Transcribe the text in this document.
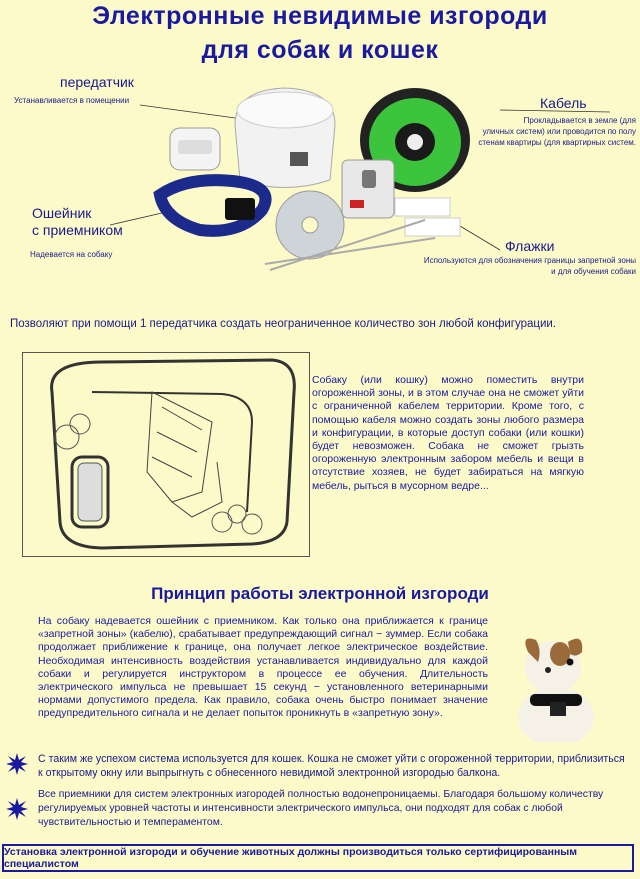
Электронные невидимые изгороди
для собак и кошек
передатчик
Устанавливается в помещении	Кабель
Прокладывается в земле (для
уличных систем) или проводится по полу
стенам квартиры (для квартирных систем.
Ошейник
с приемником
Надевается на собаку
Флажки
Используются для обозначения границы запретной зоны
и для обучения собаки
Позволяют при помощи 1 передатчика создать неограниченное количество зон любой конфигурации.
Собаку (или кошку) можно поместить внутри огороженной зоны, и в этом случае она не сможет уйти с ограниченной кабелем территории. Кроме того, с помощью кабеля можно создать зоны любого размера и конфигурации, в которые доступ собаки (или кошки) будет невозможен. Собака не сможет грызть огороженную электронным забором мебель и вещи в отсутствие хозяев, не будет забираться на мягкую мебель, рыться в мусорном ведре...
Принцип работы электронной изгороди
На собаку надевается ошейник с приемником. Как только она приближается к границе «запретной зоны» (кабелю), срабатывает предупреждающий сигнал − зуммер. Если собака продолжает приближение к границе, она получает легкое электрическое воздействие. Необходимая интенсивность воздействия устанавливается индивидуально для каждой собаки и регулируется инструктором в процессе ее обучения. Длительность электрического импульса не превышает 15 секунд − установленного ветеринарными нормами допустимого предела. Как правило, собака очень быстро понимает значение предупредительного сигнала и не делает попыток проникнуть в «запретную зону».
С таким же успехом система используется для кошек. Кошка не сможет уйти с огороженной территории, приблизиться к открытому окну или выпрыгнуть с обнесенного невидимой электронной изгородью балкона.
Все приемники для систем электронных изгородей полностью водонепроницаемы. Благодаря большому количеству регулируемых уровней частоты и интенсивности электрического импульса, они подходят для собак с любой чувствительностью и темпераментом.
Установка электронной изгороди и обучение животных должны производиться только сертифицированным специалистом
